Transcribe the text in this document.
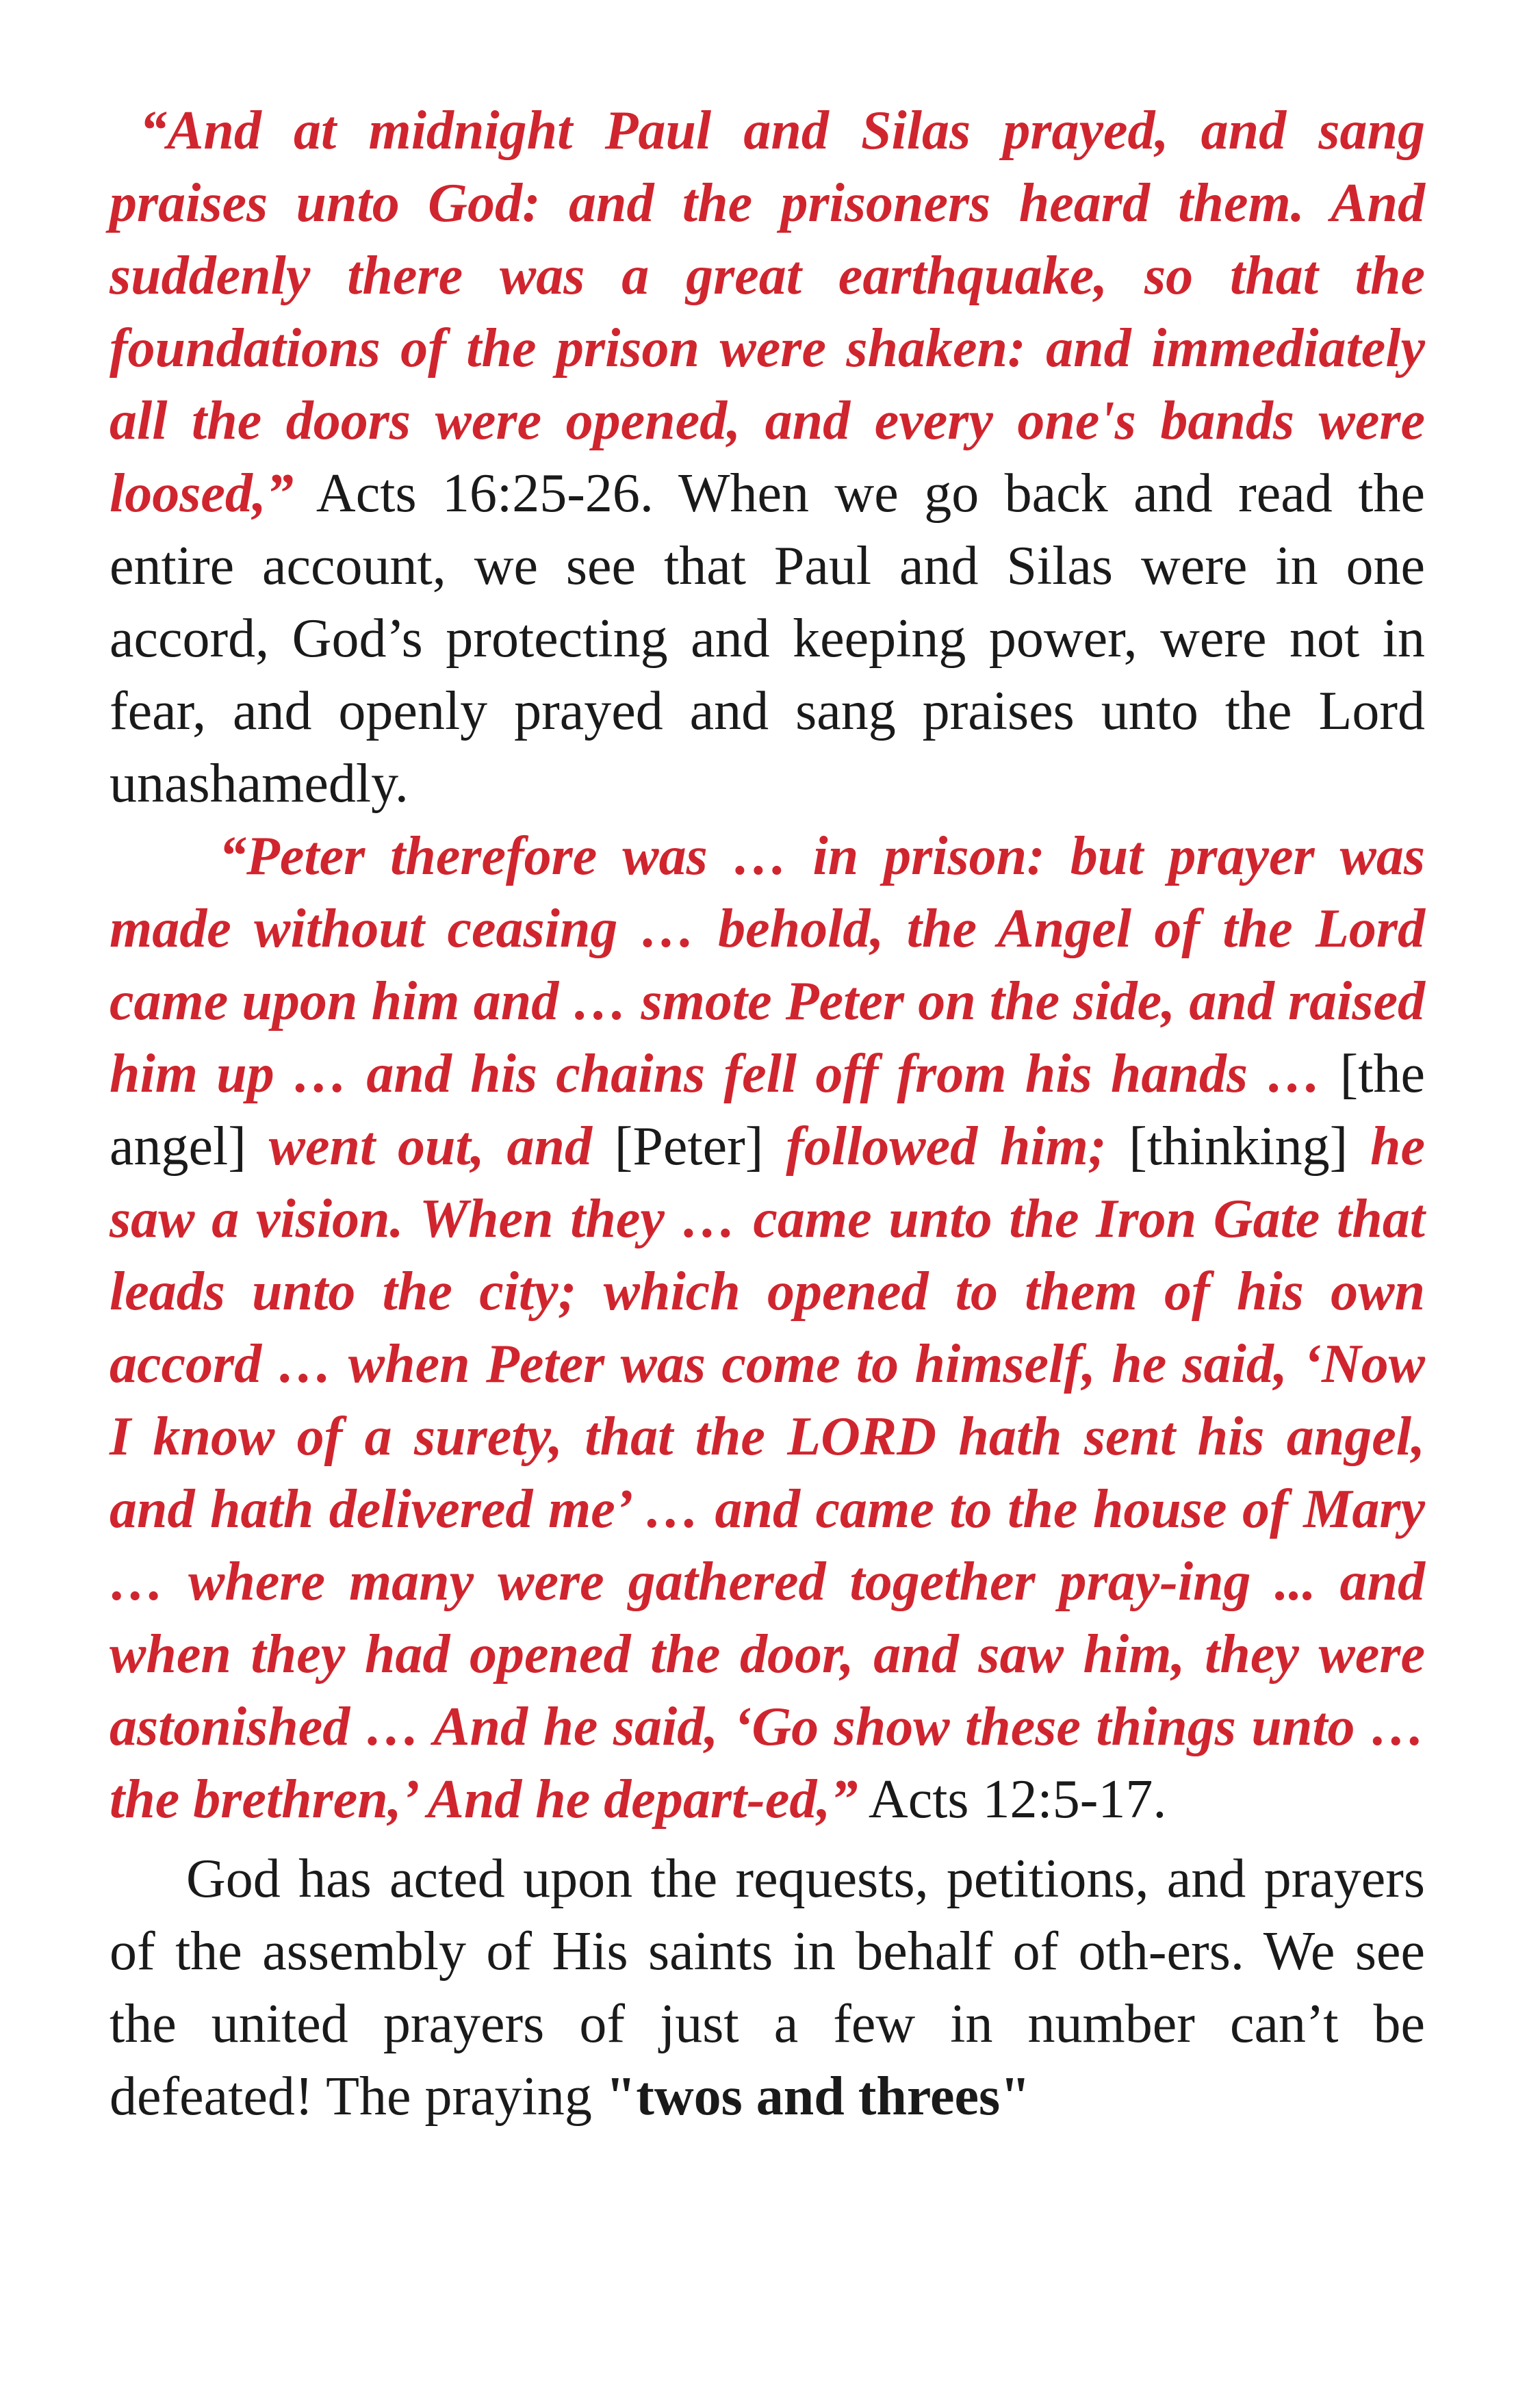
“And at midnight Paul and Silas prayed, and sang praises unto God: and the prisoners heard them. And suddenly there was a great earthquake, so that the foundations of the prison were shaken: and immediately all the doors were opened, and every one's bands were loosed,” Acts 16:25-26. When we go back and read the entire account, we see that Paul and Silas were in one accord, God’s protecting and keeping power, were not in fear, and openly prayed and sang praises unto the Lord unashamedly.

“Peter therefore was … in prison: but prayer was made without ceasing … behold, the Angel of the Lord came upon him and … smote Peter on the side, and raised him up … and his chains fell off from his hands … [the angel] went out, and [Peter] followed him; [thinking] he saw a vision. When they … came unto the Iron Gate that leads unto the city; which opened to them of his own accord … when Peter was come to himself, he said, ‘Now I know of a surety, that the LORD hath sent his angel, and hath delivered me’ … and came to the house of Mary … where many were gathered together pray-ing ... and when they had opened the door, and saw him, they were astonished … And he said, ‘Go show these things unto … the brethren,’ And he depart-ed,” Acts 12:5-17.

God has acted upon the requests, petitions, and prayers of the assembly of His saints in behalf of oth-ers. We see the united prayers of just a few in number can’t be defeated! The praying "twos and threes"
